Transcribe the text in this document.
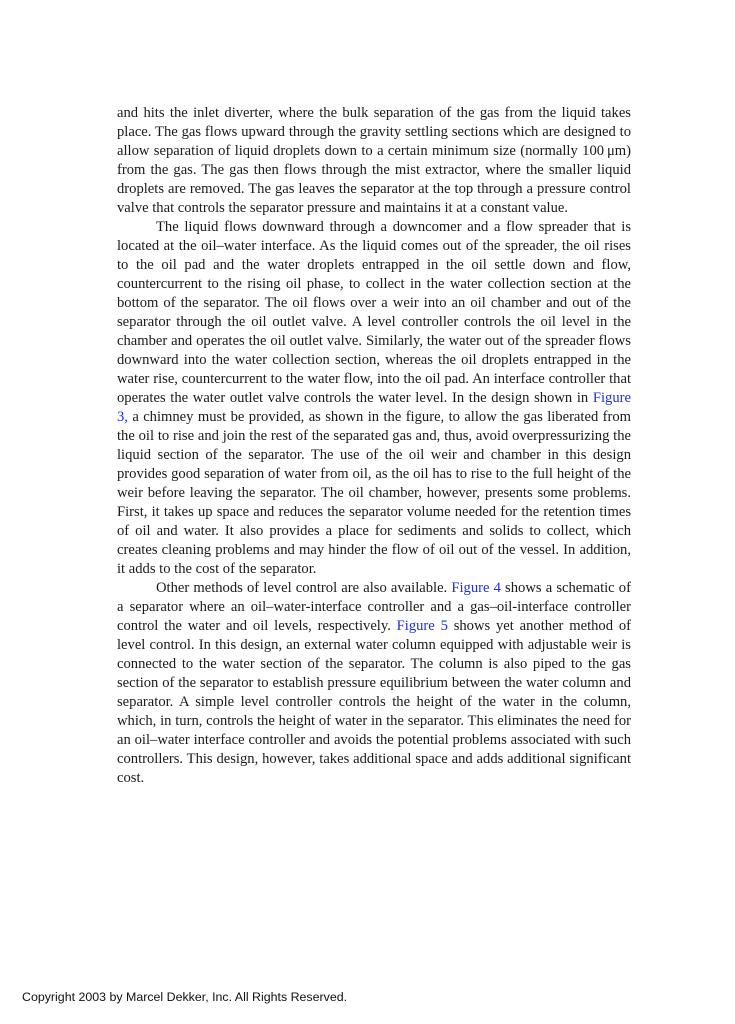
and hits the inlet diverter, where the bulk separation of the gas from the liquid takes place. The gas flows upward through the gravity settling sections which are designed to allow separation of liquid droplets down to a certain minimum size (normally 100 μm) from the gas. The gas then flows through the mist extractor, where the smaller liquid droplets are removed. The gas leaves the separator at the top through a pressure control valve that controls the separator pressure and maintains it at a constant value.

The liquid flows downward through a downcomer and a flow spreader that is located at the oil–water interface. As the liquid comes out of the spreader, the oil rises to the oil pad and the water droplets entrapped in the oil settle down and flow, countercurrent to the rising oil phase, to collect in the water collection section at the bottom of the separator. The oil flows over a weir into an oil chamber and out of the separator through the oil outlet valve. A level controller controls the oil level in the chamber and operates the oil outlet valve. Similarly, the water out of the spreader flows downward into the water collection section, whereas the oil droplets entrapped in the water rise, countercurrent to the water flow, into the oil pad. An interface controller that operates the water outlet valve controls the water level. In the design shown in Figure 3, a chimney must be provided, as shown in the figure, to allow the gas liberated from the oil to rise and join the rest of the separated gas and, thus, avoid overpressurizing the liquid section of the separator. The use of the oil weir and chamber in this design provides good separation of water from oil, as the oil has to rise to the full height of the weir before leaving the separator. The oil chamber, however, presents some problems. First, it takes up space and reduces the separator volume needed for the retention times of oil and water. It also provides a place for sediments and solids to collect, which creates cleaning problems and may hinder the flow of oil out of the vessel. In addition, it adds to the cost of the separator.

Other methods of level control are also available. Figure 4 shows a schematic of a separator where an oil–water-interface controller and a gas–oil-interface controller control the water and oil levels, respectively. Figure 5 shows yet another method of level control. In this design, an external water column equipped with adjustable weir is connected to the water section of the separator. The column is also piped to the gas section of the separator to establish pressure equilibrium between the water column and separator. A simple level controller controls the height of the water in the column, which, in turn, controls the height of water in the separator. This eliminates the need for an oil–water interface controller and avoids the potential problems associated with such controllers. This design, however, takes additional space and adds additional significant cost.

Copyright 2003 by Marcel Dekker, Inc. All Rights Reserved.
